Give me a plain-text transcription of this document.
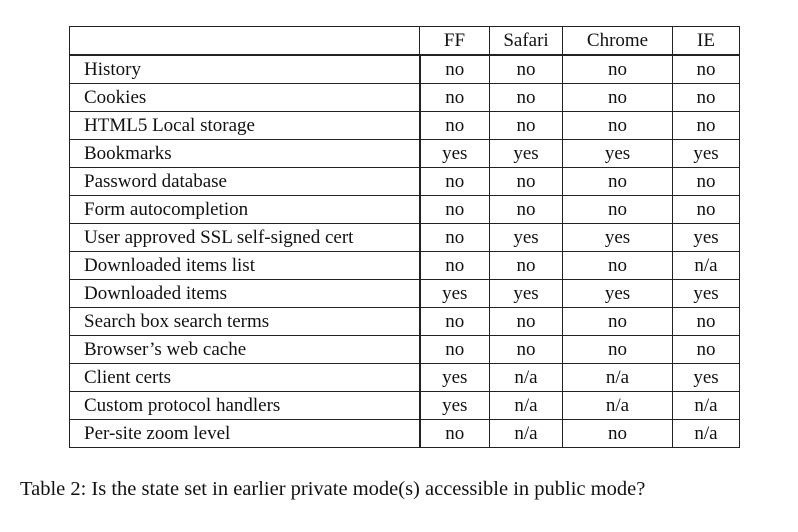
	FF	Safari	Chrome	IE
History	no	no	no	no
Cookies	no	no	no	no
HTML5 Local storage	no	no	no	no
Bookmarks	yes	yes	yes	yes
Password database	no	no	no	no
Form autocompletion	no	no	no	no
User approved SSL self-signed cert	no	yes	yes	yes
Downloaded items list	no	no	no	n/a
Downloaded items	yes	yes	yes	yes
Search box search terms	no	no	no	no
Browser’s web cache	no	no	no	no
Client certs	yes	n/a	n/a	yes
Custom protocol handlers	yes	n/a	n/a	n/a
Per-site zoom level	no	n/a	no	n/a

Table 2: Is the state set in earlier private mode(s) accessible in public mode?
